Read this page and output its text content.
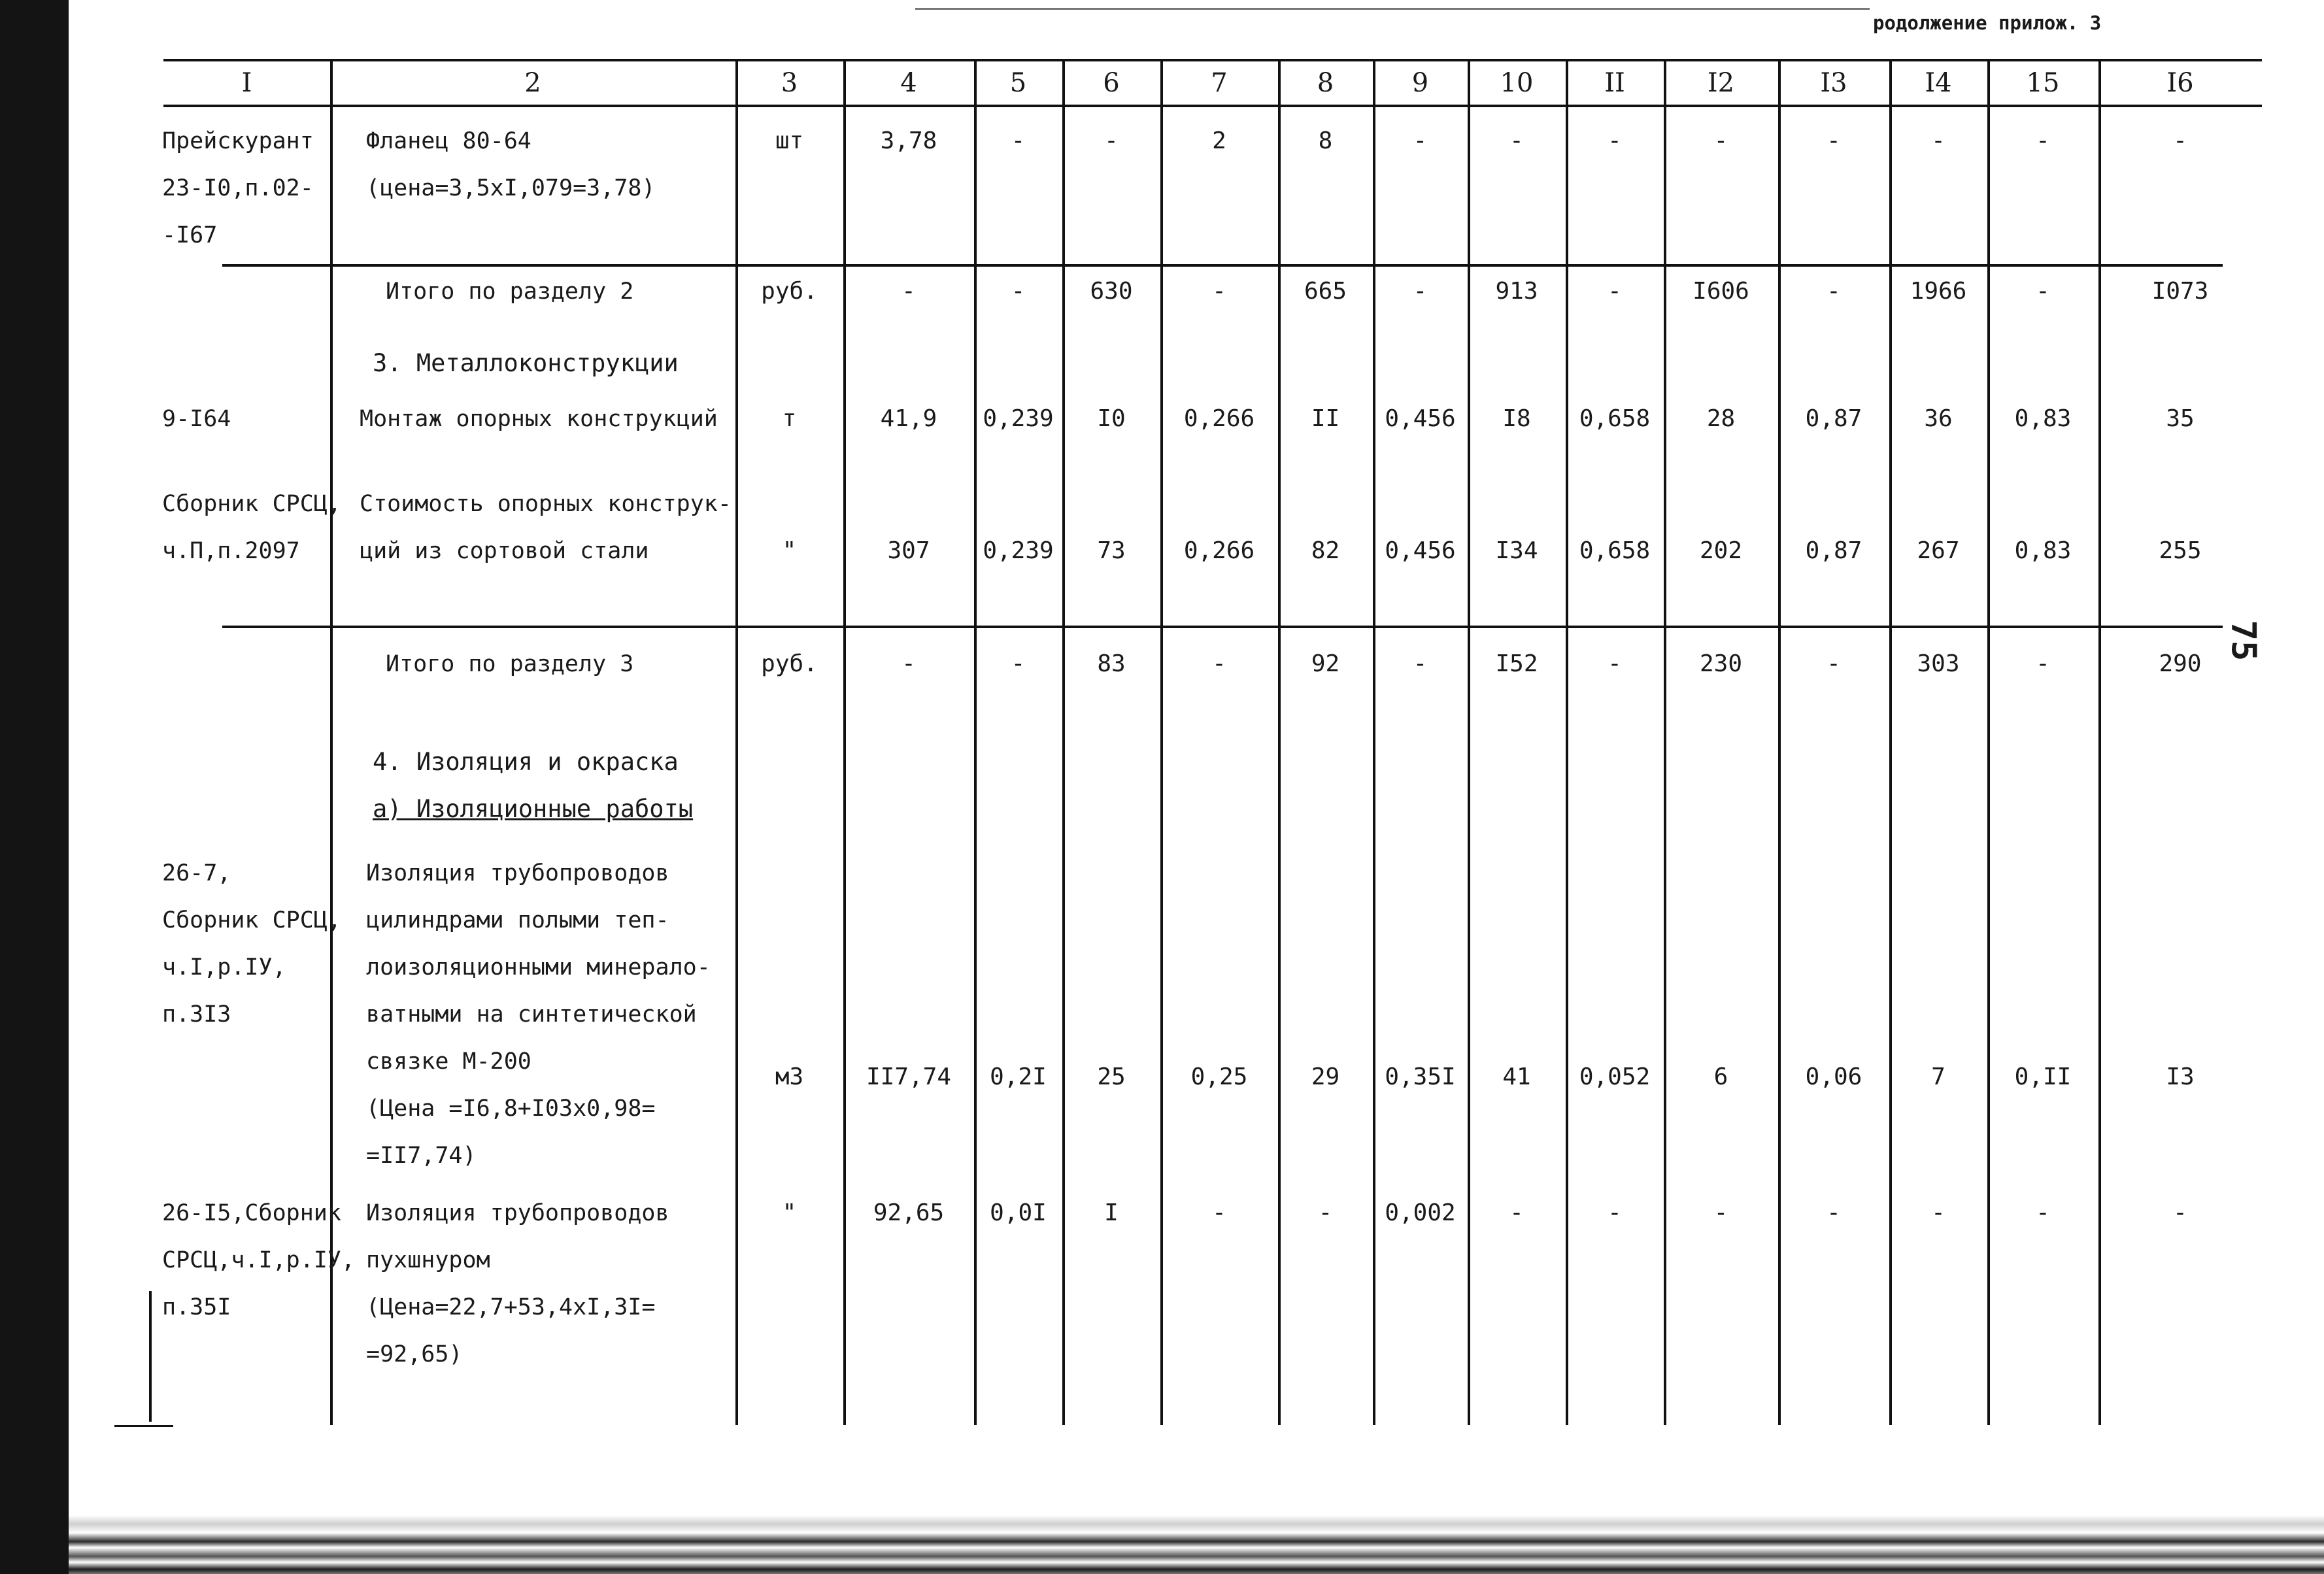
родолжение прилож. 3
75
I	2	3	4	5	6	7	8	9	10	II	I2	I3	I4	15	I6
Прейскурант
23-I0,п.02-
-I67
Фланец 80-64
(цена=3,5хI,079=3,78)
шт	3,78	-	-	2	8	-	-	-	-	-	-	-	-
Итого по разделу 2	руб.	-	-	630	-	665	-	913	-	I606	-	1966	-	I073
3. Металлоконструкции
9-I64	Монтаж опорных конструкций	т	41,9	0,239	I0	0,266	II	0,456	I8	0,658	28	0,87	36	0,83	35
Сборник СРСЦ,
ч.П,п.2097
Стоимость опорных конструк-
ций из сортовой стали	"	307	0,239	73	0,266	82	0,456	I34	0,658	202	0,87	267	0,83	255
Итого по разделу 3	руб.	-	-	83	-	92	-	I52	-	230	-	303	-	290
4. Изоляция и окраска
а) Изоляционные работы
26-7,
Сборник СРСЦ,
ч.I,р.IУ,
п.3I3
Изоляция трубопроводов
цилиндрами полыми теп-
лоизоляционными минерало-
ватными на синтетической
связке М-200
(Цена =I6,8+I03х0,98=
=II7,74)
м3	II7,74	0,2I	25	0,25	29	0,35I	41	0,052	6	0,06	7	0,II	I3
26-I5,Сборник
СРСЦ,ч.I,р.IУ,
п.35I
Изоляция трубопроводов
пухшнуром
(Цена=22,7+53,4хI,3I=
=92,65)
"	92,65	0,0I	I	-	-	0,002	-	-	-	-	-	-	-
